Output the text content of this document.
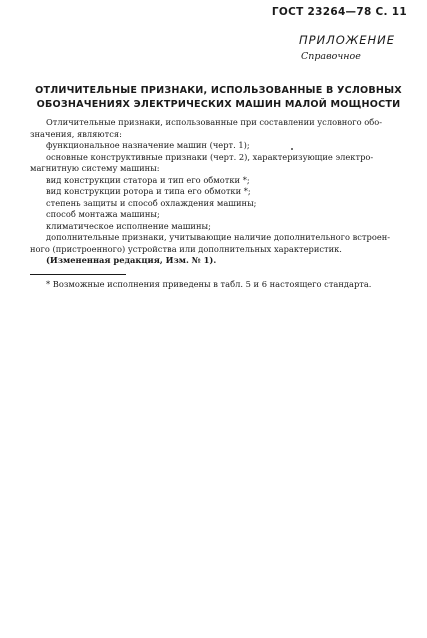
ГОСТ 23264—78 С. 11
ПРИЛОЖЕНИЕ
Справочное
ОТЛИЧИТЕЛЬНЫЕ ПРИЗНАКИ, ИСПОЛЬЗОВАННЫЕ В УСЛОВНЫХ
ОБОЗНАЧЕНИЯХ ЭЛЕКТРИЧЕСКИХ МАШИН МАЛОЙ МОЩНОСТИ
Отличительные признаки, использованные при составлении условного обо-
значения, являются:
функциональное назначение машин (черт. 1);
основные конструктивные признаки (черт. 2), характеризующие электро-
магнитную систему машины:
вид конструкции статора и тип его обмотки *;
вид конструкции ротора и типа его обмотки *;
степень защиты и способ охлаждения машины;
способ монтажа машины;
климатическое исполнение машины;
дополнительные признаки, учитывающие наличие дополнительного встроен-
ного (пристроенного) устройства или дополнительных характеристик.
(Измененная редакция, Изм. № 1).
* Возможные исполнения приведены в табл. 5 и 6 настоящего стандарта.
